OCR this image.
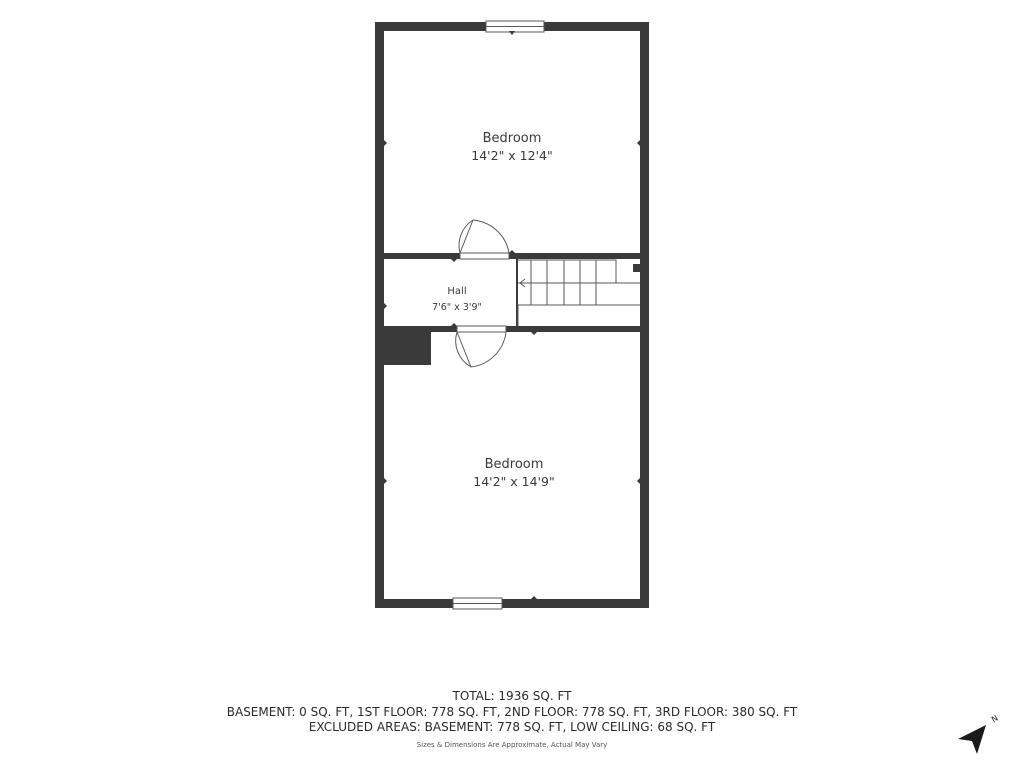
Bedroom
14'2" x 12'4"
Hall
7'6" x 3'9"
Bedroom
14'2" x 14'9"
TOTAL: 1936 SQ. FT
BASEMENT: 0 SQ. FT, 1ST FLOOR: 778 SQ. FT, 2ND FLOOR: 778 SQ. FT, 3RD FLOOR: 380 SQ. FT
EXCLUDED AREAS: BASEMENT: 778 SQ. FT, LOW CEILING: 68 SQ. FT
Sizes & Dimensions Are Approximate, Actual May Vary
N
